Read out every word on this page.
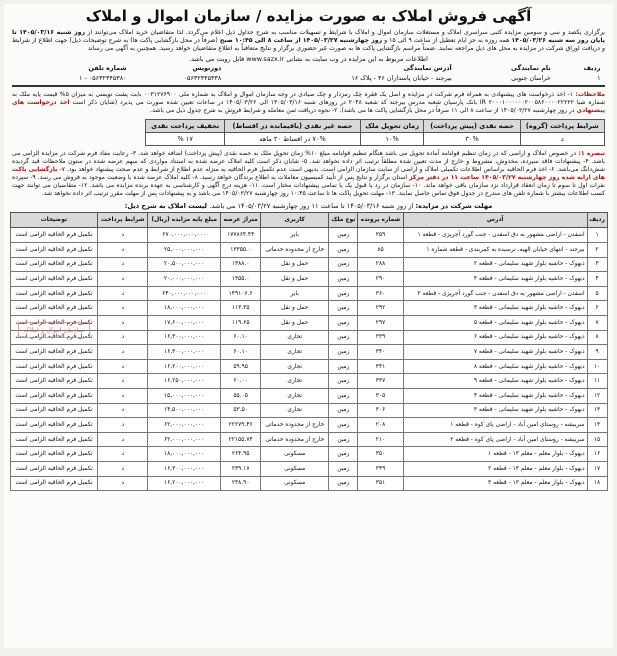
آگهی فروش املاک به صورت مزایده / سازمان اموال و املاک
برگزاری یکصد و سی و سومین مزایده کتبی سراسری املاک و مستغلات سازمان اموال و املاک با شرایط و تسهیلات مناسب به شرح جداول ذیل اعلام می‌گردد. لذا متقاضیان خرید املاک می‌توانند از روز شنبه ۱۴۰۵/۰۳/۱۶ تا پایان روز سه شنبه ۱۴۰۵/۰۳/۲۶ همه روزه به جز ایام تعطیل از ساعت ۹ الی ۱۵ و روز چهارشنبه ۱۴۰۵/۰۳/۲۷ از ساعت ۸ الی ۱۰:۴۵ صبح (صرفاً در محل بازگشایی پاکت ها) به شرح توضیحات ذیل) جهت اطلاع از شرایط و دریافت اوراق شرکت در مزایده به محل های ذیل مراجعه نمایند. ضمناً مراسم بازگشایی پاکت ها به صورت غیر حضوری برگزار و نتایج متعاقباً به اطلاع متقاضیان خواهد رسید. همچنین به آگهی می رساند
اطلاعات مربوط به این مزایده در وب سایت به نشانی www.sazx.ir قابل رویت می باشد.
ردیف	نام نمایندگی	آدرس نمایندگی	دورنویس	شماره تلفن
۱	خراسان جنوبی	بیرجند - خیابان پاسداران ۴۶ - پلاک ۱۶	۰۵۶۳۲۴۴۵۳۳۸	۰۵۶۳۲۴۴۵۳۸۰ - ۱
ملاحظات: ۱- اخذ درخواست های پیشنهادی به همراه فرم شرکت در مزایده و اصل یک فقره چک رمزدار و چک صیادی در وجه سازمان اموال و املاک به شماره ملی ۰۰۳۱۲۷۶۹۰۰ بابت پشت نویسی به میزان ۵% قیمت پایه ملک به شماره شبا IR ۲۰۰۰۱۰۰۰۰۰۰۲۰۰۵۸۶۰۰۰۰۲۲۲۲۲ بانک پارسیان شعبه مدرس بیرجند کد شعبه ۲۰۴۸ در روزهای شنبه ۱۴۰۵/۰۳/۱۶ الی ۱۴۰۵/۰۳/۲۶ در ساعات تعیین شده صورت می پذیرد (شایان ذکر است اخذ درخواست های پیشنهادی در روز چهارشنبه ۱۴۰۵/۰۳/۲۷ از ساعت ۸ الی ۱۱ صرفاً در محل بازگشایی پاکت ها می باشد). ۲- نحوه دریافت ثمن معامله و شرایط فروش به شرح جدول ذیل می باشد.
شرایط پرداخت (گروه)	حصه نقدی (پیش پرداخت)	زمان تحویل ملک	حصه غیر نقدی (باقیمانده در اقساط)	تخفیف پرداخت نقدی
د	۳۰%	۱۰%	۷۰% در اقساط ۳۰ ماهه	۱۷ %
تبصره ۱: در خصوص املاک و اراضی که در زمان تنظیم قولنامه آماده تحویل می باشد هنگام تنظیم قولنامه مبلغ ۱۰% زمان تحویل ملک به حصه نقدی (پیش پرداخت) اضافه خواهد شد. ۳- رعایت مفاد فرم شرکت در مزایده الزامی می باشد. ۴- پیشنهادات فاقد سپرده، مخدوش، مشروط و خارج از مدت تعیین شده مطلقاً ترتیب اثر داده نخواهد شد. ۵- شایان ذکر است کلیه املاک عرضه شده به استناد مواردی که سهم عرضه شده در ستون ملاحظات قید گردیده شش‌دانگ می‌باشد. ۶- اخذ فرم الحاقیه براساس اطلاعات تکمیلی املاک و اراضی از سایت سازمان الزامی است. بدیهی است عدم تکمیل فرم الحاقیه به منزله عدم اطلاع از شرایط و عدم صحت پیشنهاد خواهد بود. ۷- بازگشایی پاکت های ارایه شده روز چهارشنبه ۱۴۰۵/۰۳/۲۷ ساعت ۱۱ در دفتر مرکز استان برگزار و نتایج پس از تأیید کمیسیون معاملات به اطلاع برندگان خواهد رسید. ۸- کلیه املاک عرضه شده با وضعیت موجود به فروش می رسد. ۹- سپرده نفرات اول تا سوم تا زمان انعقاد قرارداد نزد سازمان باقی خواهد ماند. ۱۰- سازمان در رد یا قبول یک یا تمامی پیشنهادات مختار است. ۱۱- هزینه درج آگهی و کارشناسی به عهده برنده مزایده می باشد. ۱۲- متقاضیان می توانند جهت کسب اطلاعات بیشتر با شماره تلفن های مندرج در جدول فوق تماس حاصل نمایند. ۱۳- مهلت تحویل پاکت ها تا ساعت ۱۰:۴۵ روز چهارشنبه ۱۴۰۵/۰۳/۲۷ می باشد و به پیشنهادات پس از مهلت مقرر ترتیب اثر داده نخواهد شد.
مهلت شرکت در مزایده: از روز شنبه ۱۴۰۵/۰۳/۱۶ تا ساعت ۱۱ روز چهارشنبه ۱۴۰۵/۰۳/۲۷ می باشد. لیست املاک به شرح ذیل:
سازمان اموال و املاک
ردیف	آدرس	شماره پرونده	نوع ملک	کاربری	متراژ عرصه	مبلغ پایه مزایده (ریال)	شرایط پرداخت	توضیحات
۱	اسفدن - اراضی مشهور به دق اسفدن - جنب گورد آجرپزی - قطعه ۱	۳۵۹	زمین	بایر	۱۷۷۸۶۴.۴۴	۲۷۰,۰۰۰,۰۰۰,۰۰۰	د	تکمیل فرم الحاقیه الزامی است
۲	بیرجند - انتهای خیابان الهیه، نرسیده به کمربندی - قطعه شماره ۱	۸۵	زمین	خارج از محدوده خدماتی	۱۳۳۵۵.۰	۲۵,۰۰۰,۰۰۰,۰۰۰	د	تکمیل فرم الحاقیه الزامی است
۳	دیهوک - حاشیه بلوار شهید سلیمانی - قطعه ۲	۲۸۸	زمین	حمل و نقل	۱۳۸۸.۰	۲۰,۵۰۰,۰۰۰,۰۰۰	د	تکمیل فرم الحاقیه الزامی است
۴	دیهوک - حاشیه بلوار شهید سلیمانی - قطعه ۴	۲۹۰	زمین	حمل و نقل	۱۳۵۵.۰	۲۰,۰۰۰,۰۰۰,۰۰۰	د	تکمیل فرم الحاقیه الزامی است
۵	اسفدن - اراضی مشهور به دق اسفدن - جنب گورد آجرپزی - قطعه ۲	۳۶۰	زمین	بایر	۱۴۹۱۰۶.۶	۲۴۰,۰۰۰,۰۰۰,۰۰۰	د	تکمیل فرم الحاقیه الزامی است
۶	دیهوک - حاشیه بلوار شهید سلیمانی - قطعه ۳	۲۹۲	زمین	حمل و نقل	۱۱۳.۳۵	۱۸,۰۰۰,۰۰۰,۰۰۰	د	تکمیل فرم الحاقیه الزامی است
۷	دیهوک - حاشیه بلوار شهید سلیمانی - قطعه ۵	۲۹۷	زمین	حمل و نقل	۱۱۹.۶۵	۱۷,۶۰۰,۰۰۰,۰۰۰	د	تکمیل فرم الحاقیه الزامی است
۸	دیهوک - حاشیه بلوار شهید سلیمانی - قطعه ۶	۳۳۹	زمین	تجاری	۶۰.۱۰	۱۶,۳۰۰,۰۰۰,۰۰۰	د	تکمیل فرم الحاقیه الزامی است
۹	دیهوک - حاشیه بلوار شهید سلیمانی - قطعه ۷	۳۴۰	زمین	تجاری	۶۰.۱۰	۱۶,۳۰۰,۰۰۰,۰۰۰	د	تکمیل فرم الحاقیه الزامی است
۱۰	دیهوک - حاشیه بلوار شهید سلیمانی - قطعه ۸	۳۴۱	زمین	تجاری	۵۹.۹۵	۱۶,۲۰۰,۰۰۰,۰۰۰	د	تکمیل فرم الحاقیه الزامی است
۱۱	دیهوک - حاشیه بلوار شهید سلیمانی - قطعه ۹	۳۳۷	زمین	تجاری	۶۰.۰۰	۱۶,۲۵۰,۰۰۰,۰۰۰	د	تکمیل فرم الحاقیه الزامی است
۱۲	دیهوک - حاشیه بلوار شهید سلیمانی - قطعه ۴	۳۰۵	زمین	تجاری	۵۵.۰۵	۱۵,۰۰۰,۰۰۰,۰۰۰	د	تکمیل فرم الحاقیه الزامی است
۱۳	دیهوک - حاشیه بلوار شهید سلیمانی - قطعه ۳	۳۰۶	زمین	تجاری	۵۳.۵۰	۱۴,۵۰۰,۰۰۰,۰۰۰	د	تکمیل فرم الحاقیه الزامی است
۱۴	سربیشه - روستای امین آباد - اراضی پای کوه - قطعه ۱	۲۰۸	زمین	خارج از محدوده خدماتی	۲۲۲۷۹.۴۶	۶۲,۰۰۰,۰۰۰,۰۰۰	د	تکمیل فرم الحاقیه الزامی است
۱۵	سربیشه - روستای امین آباد - اراضی پای کوه - قطعه ۲	۲۱۰	زمین	خارج از محدوده خدماتی	۲۲۱۵۵.۷۴	۶۲,۰۰۰,۰۰۰,۰۰۰	د	تکمیل فرم الحاقیه الزامی است
۱۶	دیهوک - بلوار معلم - معلم ۱۳ - قطعه ۱	۳۵۰	زمین	مسکونی	۲۶۴.۹۵	۱۸,۰۰۰,۰۰۰,۰۰۰	د	تکمیل فرم الحاقیه الزامی است
۱۷	دیهوک - بلوار معلم - معلم ۱۳ - قطعه ۲	۳۴۹	زمین	مسکونی	۲۳۹.۱۷	۱۶,۳۰۰,۰۰۰,۰۰۰	د	تکمیل فرم الحاقیه الزامی است
۱۸	دیهوک - بلوار معلم - معلم ۱۳ - قطعه ۳	۳۵۱	زمین	مسکونی	۲۳۸.۹۰	۱۶,۲۰۰,۰۰۰,۰۰۰	د	تکمیل فرم الحاقیه الزامی است
